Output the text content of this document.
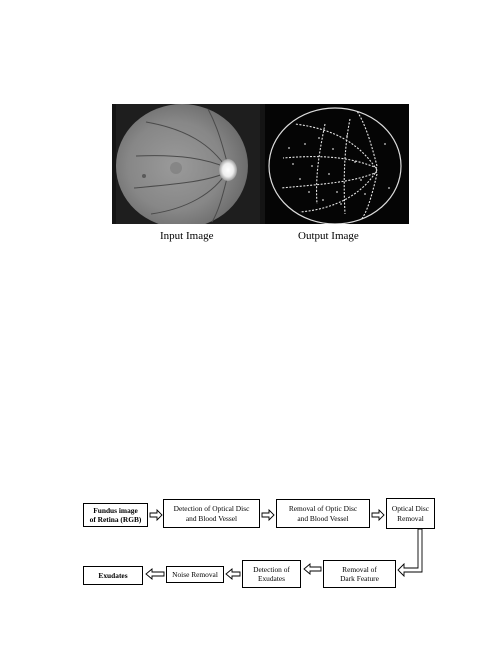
Input Image	Output Image
Fundus image
of Retina (RGB)
Detection of Optical Disc
and Blood Vessel
Removal of Optic Disc
and Blood Vessel
Optical Disc
Removal
Removal of
Dark Feature
Detection of
Exudates
Noise Removal
Exudates
